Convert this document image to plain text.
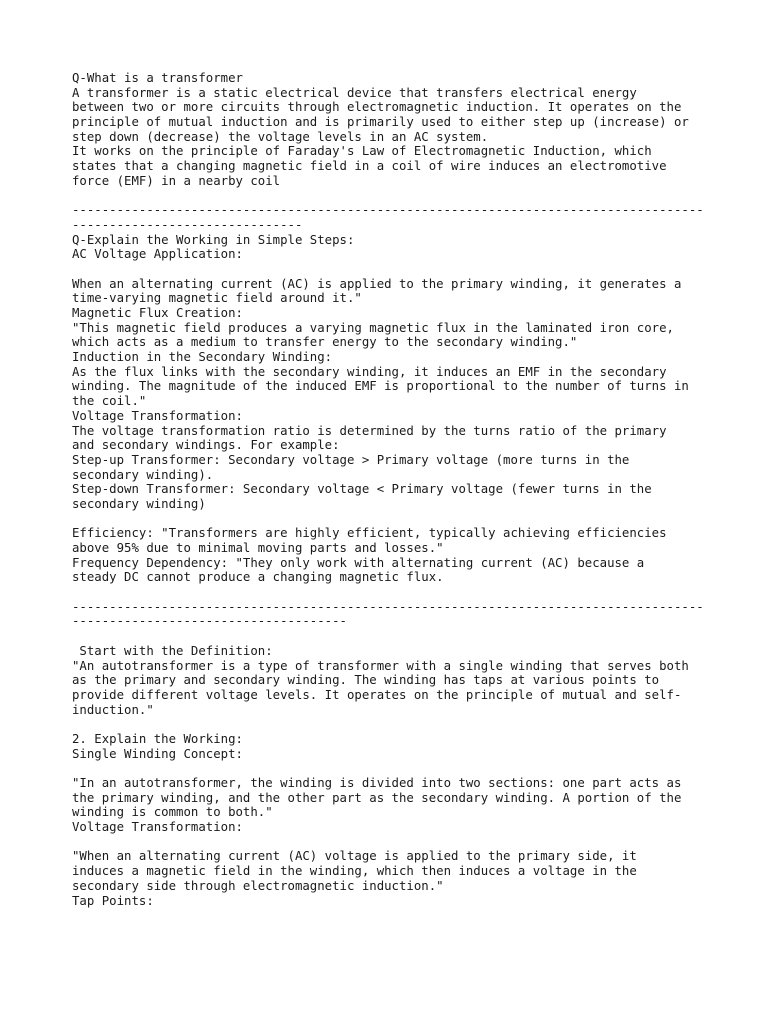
Q-What is a transformer
A transformer is a static electrical device that transfers electrical energy
between two or more circuits through electromagnetic induction. It operates on the
principle of mutual induction and is primarily used to either step up (increase) or
step down (decrease) the voltage levels in an AC system.
It works on the principle of Faraday's Law of Electromagnetic Induction, which
states that a changing magnetic field in a coil of wire induces an electromotive
force (EMF) in a nearby coil
-------------------------------------------------------------------------------------
-------------------------------
Q-Explain the Working in Simple Steps:
AC Voltage Application:
When an alternating current (AC) is applied to the primary winding, it generates a
time-varying magnetic field around it."
Magnetic Flux Creation:
"This magnetic field produces a varying magnetic flux in the laminated iron core,
which acts as a medium to transfer energy to the secondary winding."
Induction in the Secondary Winding:
As the flux links with the secondary winding, it induces an EMF in the secondary
winding. The magnitude of the induced EMF is proportional to the number of turns in
the coil."
Voltage Transformation:
The voltage transformation ratio is determined by the turns ratio of the primary
and secondary windings. For example:
Step-up Transformer: Secondary voltage > Primary voltage (more turns in the
secondary winding).
Step-down Transformer: Secondary voltage < Primary voltage (fewer turns in the
secondary winding)
Efficiency: "Transformers are highly efficient, typically achieving efficiencies
above 95% due to minimal moving parts and losses."
Frequency Dependency: "They only work with alternating current (AC) because a
steady DC cannot produce a changing magnetic flux.
-------------------------------------------------------------------------------------
-------------------------------------
Start with the Definition:
"An autotransformer is a type of transformer with a single winding that serves both
as the primary and secondary winding. The winding has taps at various points to
provide different voltage levels. It operates on the principle of mutual and self-
induction."
2. Explain the Working:
Single Winding Concept:
"In an autotransformer, the winding is divided into two sections: one part acts as
the primary winding, and the other part as the secondary winding. A portion of the
winding is common to both."
Voltage Transformation:
"When an alternating current (AC) voltage is applied to the primary side, it
induces a magnetic field in the winding, which then induces a voltage in the
secondary side through electromagnetic induction."
Tap Points:
